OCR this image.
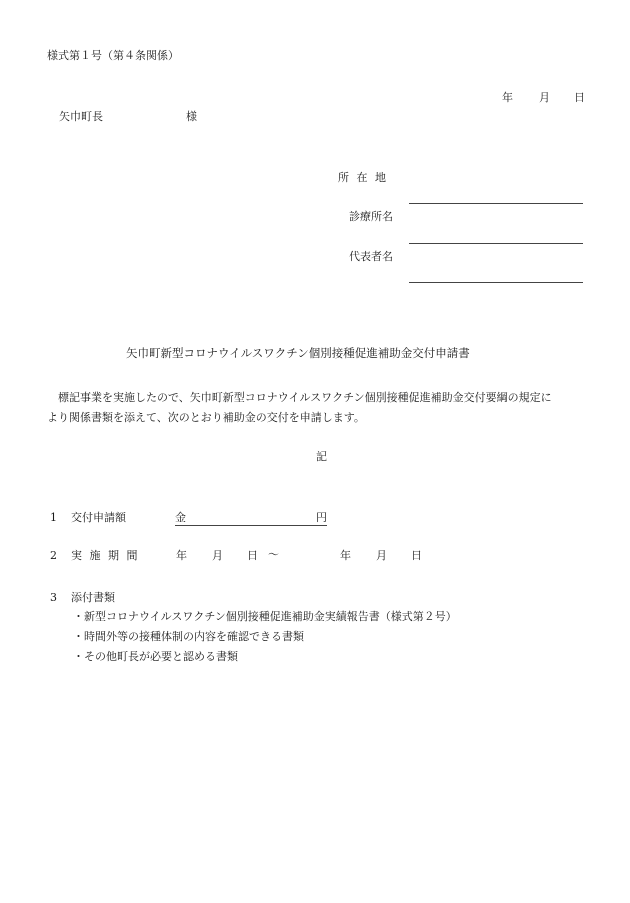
様式第１号（第４条関係）
年 月 日
矢巾町長	様
所 在 地
診療所名
代表者名
矢巾町新型コロナウイルスワクチン個別接種促進補助金交付申請書

標記事業を実施したので、矢巾町新型コロナウイルスワクチン個別接種促進補助金交付要綱の規定に

より関係書類を添えて、次のとおり補助金の交付を申請します。

記
1 交付申請額	金	円
2 実 施 期 間	年 月 日 〜	年 月 日
3 添付書類
・新型コロナウイルスワクチン個別接種促進補助金実績報告書（様式第２号）
・時間外等の接種体制の内容を確認できる書類
・その他町長が必要と認める書類
